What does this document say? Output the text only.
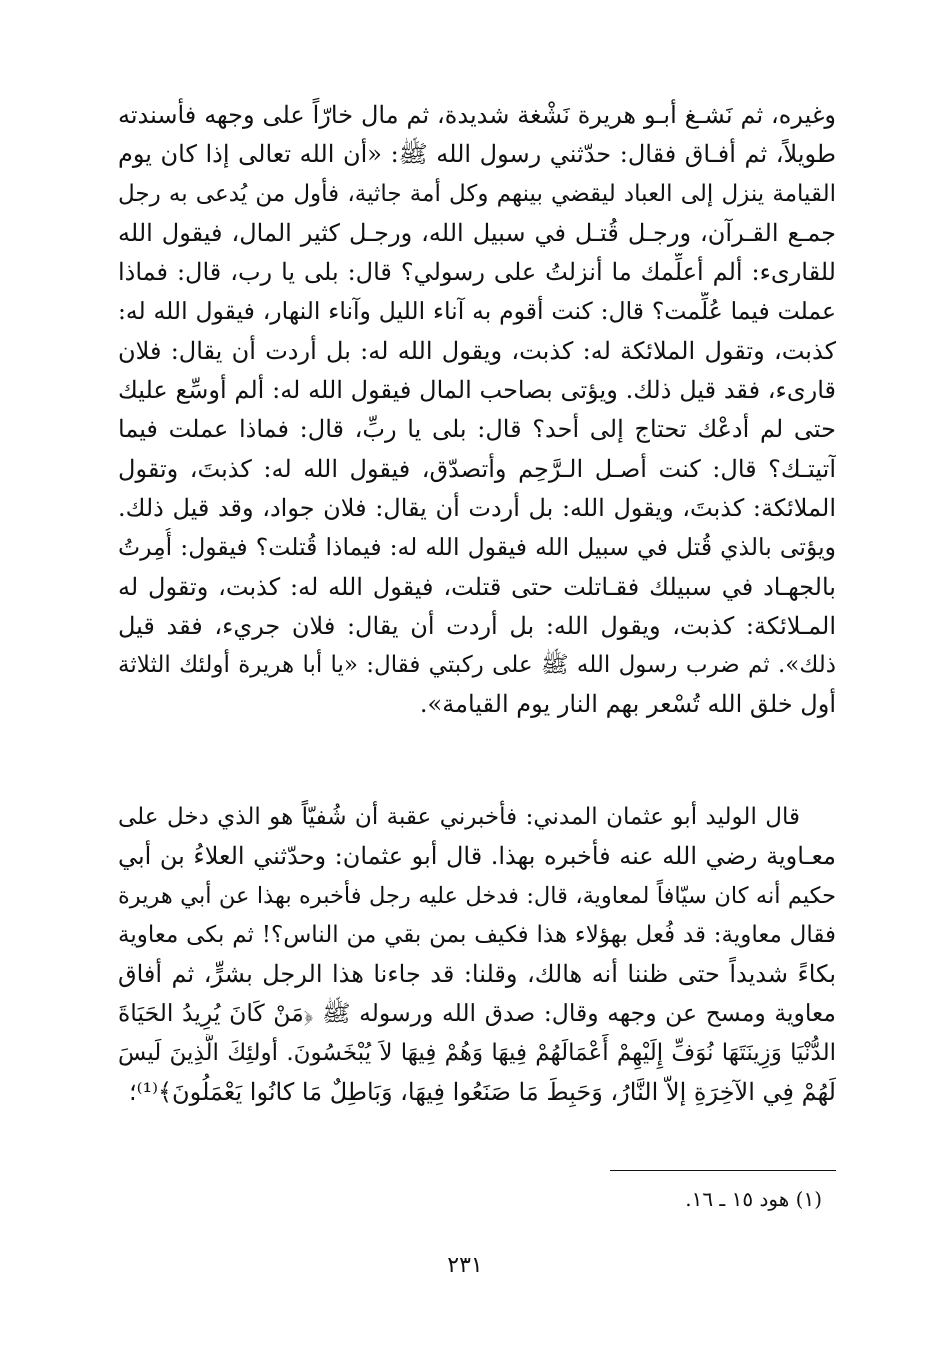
وغيره، ثم نَشـغ أبـو هريرة نَشْغة شديدة، ثم مال خارّاً على وجهه فأسندته
طويلاً، ثم أفـاق فقال: حدّثني رسول الله ﷺ: «أن الله تعالى إذا كان يوم
القيامة ينزل إلى العباد ليقضي بينهم وكل أمة جاثية، فأول من يُدعى به رجل
جمـع القـرآن، ورجـل قُتـل في سبيل الله، ورجـل كثير المال، فيقول الله
للقارىء: ألم أعلِّمك ما أنزلتُ على رسولي؟ قال: بلى يا رب، قال: فماذا
عملت فيما عُلِّمت؟ قال: كنت أقوم به آناء الليل وآناء النهار، فيقول الله له:
كذبت، وتقول الملائكة له: كذبت، ويقول الله له: بل أردت أن يقال: فلان
قارىء، فقد قيل ذلك. ويؤتى بصاحب المال فيقول الله له: ألم أوسِّع عليك
حتى لم أدعْك تحتاج إلى أحد؟ قال: بلى يا ربِّ، قال: فماذا عملت فيما
آتيتـك؟ قال: كنت أصـل الـرَّحِم وأتصدّق، فيقول الله له: كذبتَ، وتقول
الملائكة: كذبتَ، ويقول الله: بل أردت أن يقال: فلان جواد، وقد قيل ذلك.
ويؤتى بالذي قُتل في سبيل الله فيقول الله له: فيماذا قُتلت؟ فيقول: أُمِرتُ
بالجهـاد في سبيلك فقـاتلت حتى قتلت، فيقول الله له: كذبت، وتقول له
المـلائكة: كذبت، ويقول الله: بل أردت أن يقال: فلان جريء، فقد قيل
ذلك». ثم ضرب رسول الله ﷺ على ركبتي فقال: «يا أبا هريرة أولئك الثلاثة
أول خلق الله تُسْعر بهم النار يوم القيامة».
قال الوليد أبو عثمان المدني: فأخبرني عقبة أن شُفيّاً هو الذي دخل على
معـاوية رضي الله عنه فأخبره بهذا. قال أبو عثمان: وحدّثني العلاءُ بن أبي
حكيم أنه كان سيّافاً لمعاوية، قال: فدخل عليه رجل فأخبره بهذا عن أبي هريرة
فقال معاوية: قد فُعل بهؤلاء هذا فكيف بمن بقي من الناس؟! ثم بكى معاوية
بكاءً شديداً حتى ظننا أنه هالك، وقلنا: قد جاءنا هذا الرجل بشرٍّ، ثم أفاق
معاوية ومسح عن وجهه وقال: صدق الله ورسوله ﷺ ﴿مَنْ كَانَ يُرِيدُ الحَيَاةَ
الدُّنْيَا وَزِينَتَهَا نُوَفِّ إِلَيْهِمْ أَعْمَالَهُمْ فِيهَا وَهُمْ فِيهَا لاَ يُبْخَسُونَ. أولئِكَ الَّذِينَ لَيسَ
لَهُمْ فِي الآخِرَةِ إلاّ النَّارُ، وَحَبِطَ مَا صَنَعُوا فِيهَا، وَبَاطِلٌ مَا كانُوا يَعْمَلُونَ﴾⁽¹⁾؛
(١) هود ١٥ ـ ١٦.
٢٣١
